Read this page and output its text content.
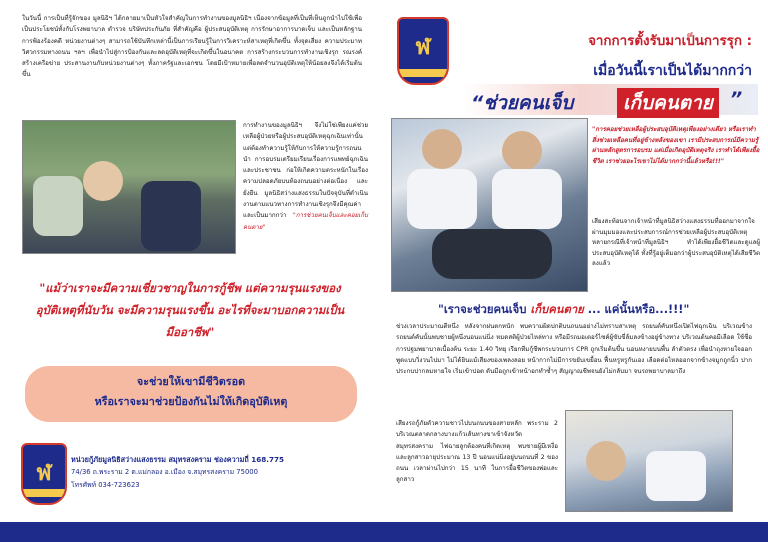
ในวันนี้ การเป็นที่รู้จักของ มูลนิธิฯ ได้กลายมาเป็นหัวใจสำคัญในการทำงานของมูลนิธิฯ เนื่องจากข้อมูลที่เป็นที่เห็นถูกนำไปใช้เพื่อเป็นประโยชน์ทั้งกับโรงพยาบาล ตำรวจ บริษัทประกันภัย ที่สำคัญคือ ผู้ประสบอุบัติเหตุ การรักษาอาการบาดเจ็บ และเป็นหลักฐานการฟ้องร้องคดี หน่วยงานต่างๆ สามารถใช้บันทึกเหล่านี้เป็นการเรียนรู้ในการวิเคราะห์สาเหตุที่เกิดขึ้น ทั้งจุดเสี่ยง ความประมาท วิศวกรรมทางถนน ฯลฯ เพื่อนำไปสู่การป้องกันและลดอุบัติเหตุที่จะเกิดขึ้นในอนาคต การสร้างกระบวนการทำงานเชิงรุก รณรงค์ สร้างเครือข่าย ประสานงานกับหน่วยงานต่างๆ ทั้งภาครัฐและเอกชน โดยมีเป้าหมายเพื่อลดจำนวนอุบัติเหตุให้น้อยลงจึงได้เริ่มต้นขึ้น
การทำงานของมูลนิธิฯ จึงไม่ใช่เพียงแค่ช่วยเหลือผู้ป่วยหรือผู้ประสบอุบัติเหตุฉุกเฉินเท่านั้น แต่ต้องทำความรู้ให้กับการให้ความรู้การถนนนำ การอบรมเตรียมเรียนเรื่องการแพทย์ฉุกเฉิน และประชาชน ก่อให้เกิดความตระหนักในเรื่องความปลอดภัยบนท้องถนนอย่างต่อเนื่อง และยั่งยืน มูลนิธิสว่างแสงธรรมในปัจจุบันที่ดำเนินงานตามแนวทางการทำงานเชิงรุกจึงมีคุณค่าและเป็นมากกว่า "การช่วยคนเจ็บและคอยเก็บคนตาย"
"แม้ว่าเราจะมีความเชี่ยวชาญในการกู้ชีพ แต่ความรุนแรงของอุบัติเหตุที่นับวัน จะมีความรุนแรงขึ้น อะไรที่จะมาบอกความเป็นมืออาชีพ"
จะช่วยให้เขามีชีวิตรอด
หรือเราจะมาช่วยป้องกันไม่ให้เกิดอุบัติเหตุ
ฬ
หน่วยกู้ภัยมูลนิธิสว่างแสงธรรม สมุทรสงคราม ช่องความถี่ 168.775
74/36 ถ.พระราม 2 ต.แม่กลอง อ.เมือง จ.สมุทรสงคราม 75000
โทรศัพท์ 034-723623
ฬ	จากการตั้งรับมาเป็นการรุก :
เมื่อวันนี้เราเป็นได้มากกว่า
“ช่วยคนเจ็บ	เก็บคนตาย ”
"การคอยช่วยเหลือผู้ประสบอุบัติเหตุเพียงอย่างเดียว หรือเราทำสิ่งช่วยเหลือคนที่อยู่ข้างหลังของเขา เรามีประสบการณ์มีความรู้ ผ่านหลักสูตรการอบรม แต่เมื่อเกิดอุบัติเหตุจริง เราทำได้เพียงยื้อชีวิต เราช่วยอะไรเขาไม่ได้มากกว่านี้แล้วหรือ!!!"
เสียงสะท้อนจากเจ้าหน้าที่มูลนิธิสว่างแสงธรรมที่ออกมาจากใจ ผ่านมุมมองและประสบการณ์การช่วยเหลือผู้ประสบอุบัติเหตุ หลายกรณีที่เจ้าหน้าที่มูลนิธิฯ ทำได้เพียงยื้อชีวิตและดูแลผู้ประสบอุบัติเหตุได้ ทั้งที่รู้อยู่เต็มอกว่าผู้ประสบอุบัติเหตุได้เสียชีวิตลงแล้ว
"เราจะช่วยคนเจ็บ เก็บคนตาย ... แค่นั้นหรือ...!!!"
ช่วงเวลาประมาณตีหนึ่ง หลังจากฝนตกหนัก พบความผิดปกติบนถนนอย่างไม่ทราบสาเหตุ รถยนต์คันหนึ่งเปิดไฟฉุกเฉิน บริเวณข้างรถยนต์คันนั้นพบชายผู้หนึ่งนอนแน่นิ่ง หมดสติผู้ป่วยไหล่ทาง หรือมีรถมอเตอร์ไซค์ผู้ขับขี่ล้มลงข้างอยู่ข้างทาง บริเวณต้นคอมีเลือด ใช้ชื่อการปฐมพยาบาลเบื้องต้น ระยะ 1.40 วิทยุ เรียกทีมกู้ชีพกระบวนการ CPR ถูกเริ่มต้นขึ้น นอนหงายบนพื้น ลำตัวตรง เพื่อนำถุงหายใจออก พูดแบบวิ่งวนไปมา ไม่ได้ยินแม้เสียงของเพลงลอย หน้ากากไม่มีการขยับเขยื้อน ฟื้นหรูหรูกันเอง เลือดต่อไหลออกจากข้างจมูกถูกนิ้ว ปากประกบปากลมหายใจ เริ่มเข้าปอด ดันมือถูกเข้าหน้าอกทำซ้ำๆ สัญญาณชีพจนยังไม่กลับมา จนรถพยาบาลมาถึง
เสียงรถกู้ภัยตัวความชาวไปบนถนนของสายหลัก พระราม 2 บริเวณตลาดกลางบางแก้วเส้นทางขาเข้าจังหวัดสมุทรสงคราม ไฟฉายลูกต้องคนที่เกิดเหตุ พบชายผู้มีเหงื่อ และลูกสาวอายุประมาณ 13 ปี นอนแน่นิ่งอยู่บนถนนที่ 2 ของถนน เวลาผ่านไปกว่า 15 นาที ในการยื้อชีวิตของพ่อและลูกสาว
